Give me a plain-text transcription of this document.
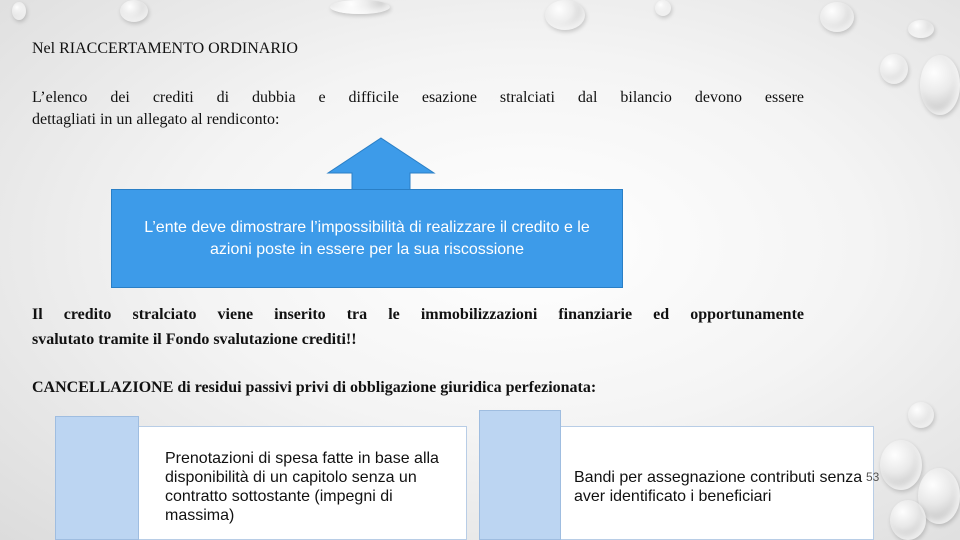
Nel RIACCERTAMENTO ORDINARIO
L’elenco dei crediti di dubbia e difficile esazione stralciati dal bilancio devono essere
dettagliati in un allegato al rendiconto:
L’ente deve dimostrare l’impossibilità di realizzare il credito e le azioni poste in essere per la sua riscossione
Il credito stralciato viene inserito tra le immobilizzazioni finanziarie ed opportunamente
svalutato tramite il Fondo svalutazione crediti!!
CANCELLAZIONE di residui passivi privi di obbligazione giuridica perfezionata:
Prenotazioni di spesa fatte in base alla disponibilità di un capitolo senza un contratto sottostante (impegni di massima)
Bandi per assegnazione contributi senza aver identificato i beneficiari
53
